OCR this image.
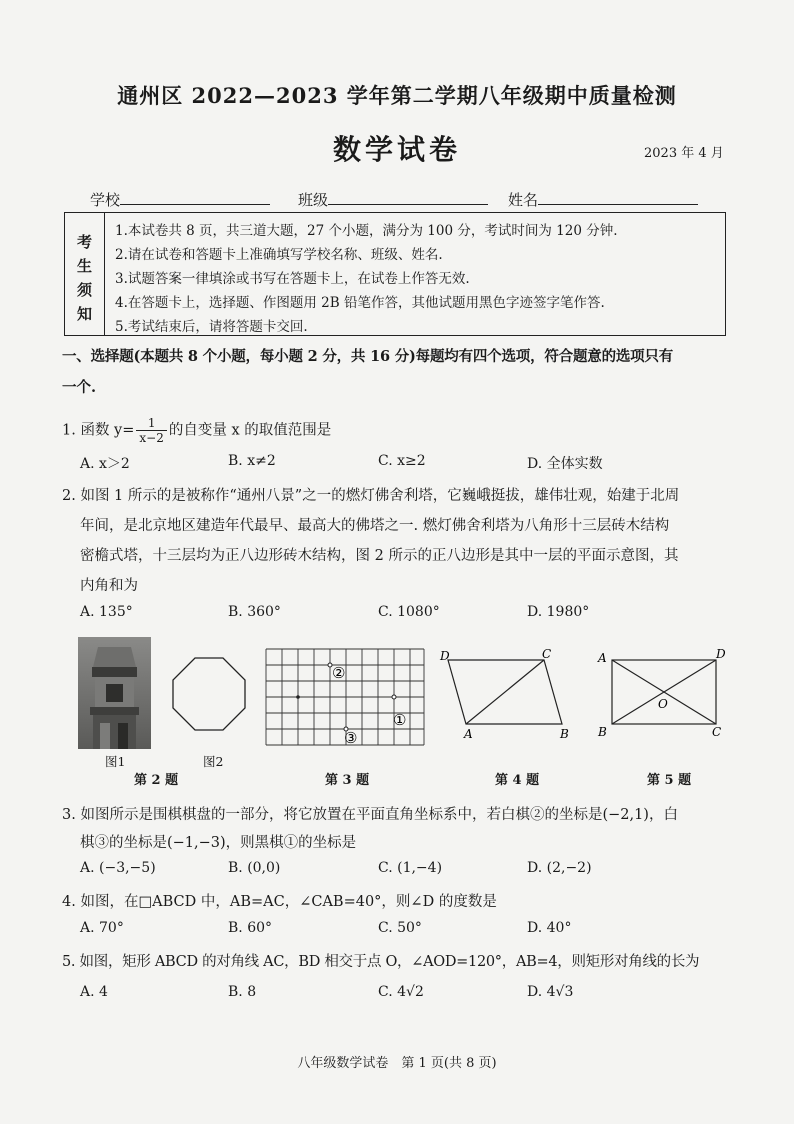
通州区 2022—2023 学年第二学期八年级期中质量检测
数学试卷	2023 年 4 月
学校	班级	姓名
考
生
须
知
1.本试卷共 8 页，共三道大题，27 个小题，满分为 100 分，考试时间为 120 分钟.
2.请在试卷和答题卡上准确填写学校名称、班级、姓名.
3.试题答案一律填涂或书写在答题卡上，在试卷上作答无效.
4.在答题卡上，选择题、作图题用 2B 铅笔作答，其他试题用黑色字迹签字笔作答.
5.考试结束后，请将答题卡交回.
一、选择题(本题共 8 个小题，每小题 2 分，共 16 分)每题均有四个选项，符合题意的选项只有
一个.
1. 函数 $y= \frac{1}{x-2}$ 的自变量 x 的取值范围是
A. x＞2	B. x≠2	C. x≥2	D. 全体实数
2. 如图 1 所示的是被称作“通州八景”之一的燃灯佛舍利塔，它巍峨挺拔，雄伟壮观，始建于北周
年间，是北京地区建造年代最早、最高大的佛塔之一. 燃灯佛舍利塔为八角形十三层砖木结构
密檐式塔，十三层均为正八边形砖木结构，图 2 所示的正八边形是其中一层的平面示意图，其
内角和为
A. 135°	B. 360°	C. 1080°	D. 1980°
图1	图2
②
①
③
D	C
A	B
A	D
B	C
O
第 2 题	第 3 题	第 4 题	第 5 题
3. 如图所示是围棋棋盘的一部分，将它放置在平面直角坐标系中，若白棋②的坐标是(−2,1)，白
棋③的坐标是(−1,−3)，则黑棋①的坐标是
A. (−3,−5)	B. (0,0)	C. (1,−4)	D. (2,−2)
4. 如图，在□ABCD 中，AB=AC，∠CAB=40°，则∠D 的度数是
A. 70°	B. 60°	C. 50°	D. 40°
5. 如图，矩形 ABCD 的对角线 AC，BD 相交于点 O，∠AOD=120°，AB=4，则矩形对角线的长为
A. 4	B. 8	C. 4√2	D. 4√3
八年级数学试卷　第 1 页(共 8 页)
